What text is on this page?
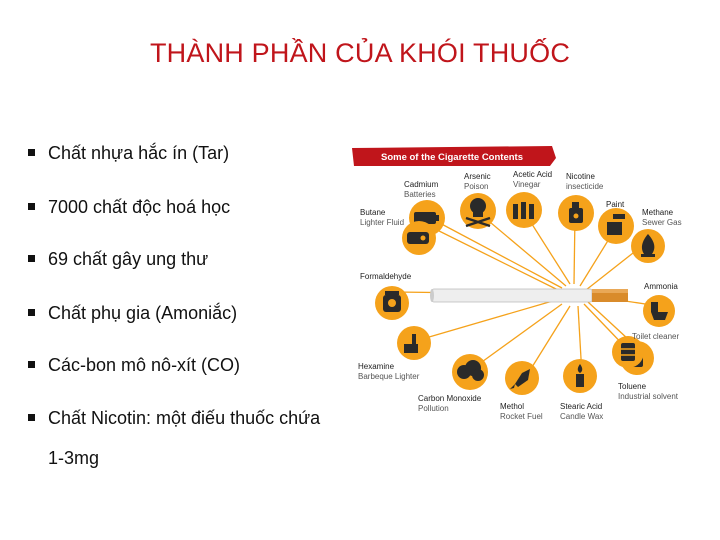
THÀNH PHẦN CỦA KHÓI THUỐC
Chất nhựa hắc ín (Tar)
7000 chất độc hoá học
69 chất gây ung thư
Chất phụ gia (Amoniắc)
Các-bon mô nô-xít (CO)
Chất Nicotin: một điếu thuốc chứa
1-3mg
Some of the Cigarette Contents
Cadmium
Batteries
Arsenic
Poison
Acetic Acid
Vinegar
Nicotine
insecticide
Paint
Butane
Lighter Fluid
Methane
Sewer Gas
Formaldehyde
Ammonia
Toilet cleaner
Hexamine
Barbeque Lighter
Carbon Monoxide
Pollution	Methol
Rocket Fuel
Stearic Acid
Candle Wax
Toluene
Industrial solvent
